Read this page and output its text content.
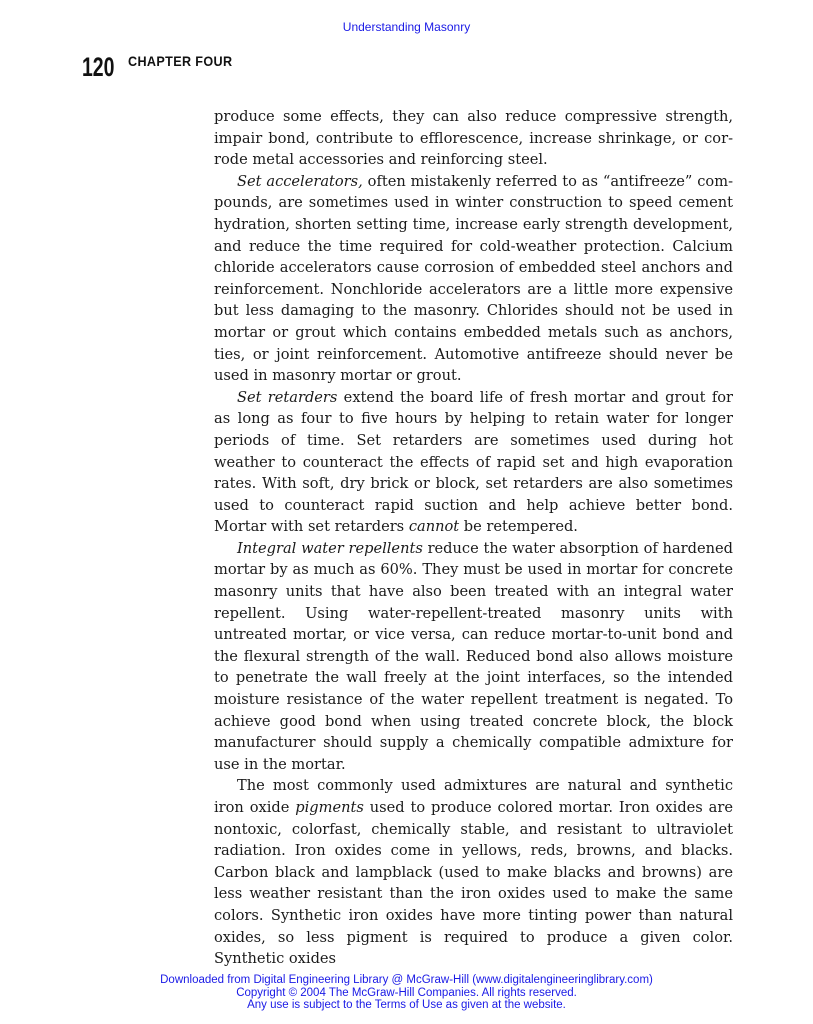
Understanding Masonry
120 CHAPTER FOUR

produce some effects, they can also reduce compressive strength, impair bond, contribute to efflorescence, increase shrinkage, or corrode metal accessories and reinforcing steel.

Set accelerators, often mistakenly referred to as “antifreeze” compounds, are sometimes used in winter construction to speed cement hydration, shorten setting time, increase early strength development, and reduce the time required for cold-weather protection. Calcium chloride accelerators cause corrosion of embedded steel anchors and reinforcement. Nonchloride accelerators are a little more expensive but less damaging to the masonry. Chlorides should not be used in mortar or grout which contains embedded metals such as anchors, ties, or joint reinforcement. Automotive antifreeze should never be used in masonry mortar or grout.

Set retarders extend the board life of fresh mortar and grout for as long as four to five hours by helping to retain water for longer periods of time. Set retarders are sometimes used during hot weather to counteract the effects of rapid set and high evaporation rates. With soft, dry brick or block, set retarders are also sometimes used to counteract rapid suction and help achieve better bond. Mortar with set retarders cannot be retempered.

Integral water repellents reduce the water absorption of hardened mortar by as much as 60%. They must be used in mortar for concrete masonry units that have also been treated with an integral water repellent. Using water-repellent-treated masonry units with untreated mortar, or vice versa, can reduce mortar-to-unit bond and the flexural strength of the wall. Reduced bond also allows moisture to penetrate the wall freely at the joint interfaces, so the intended moisture resistance of the water repellent treatment is negated. To achieve good bond when using treated concrete block, the block manufacturer should supply a chemically compatible admixture for use in the mortar.

The most commonly used admixtures are natural and synthetic iron oxide pigments used to produce colored mortar. Iron oxides are nontoxic, colorfast, chemically stable, and resistant to ultraviolet radiation. Iron oxides come in yellows, reds, browns, and blacks. Carbon black and lampblack (used to make blacks and browns) are less weather resistant than the iron oxides used to make the same colors. Synthetic iron oxides have more tinting power than natural oxides, so less pigment is required to produce a given color. Synthetic oxides

Downloaded from Digital Engineering Library @ McGraw-Hill (www.digitalengineeringlibrary.com)
Copyright © 2004 The McGraw-Hill Companies. All rights reserved.
Any use is subject to the Terms of Use as given at the website.
